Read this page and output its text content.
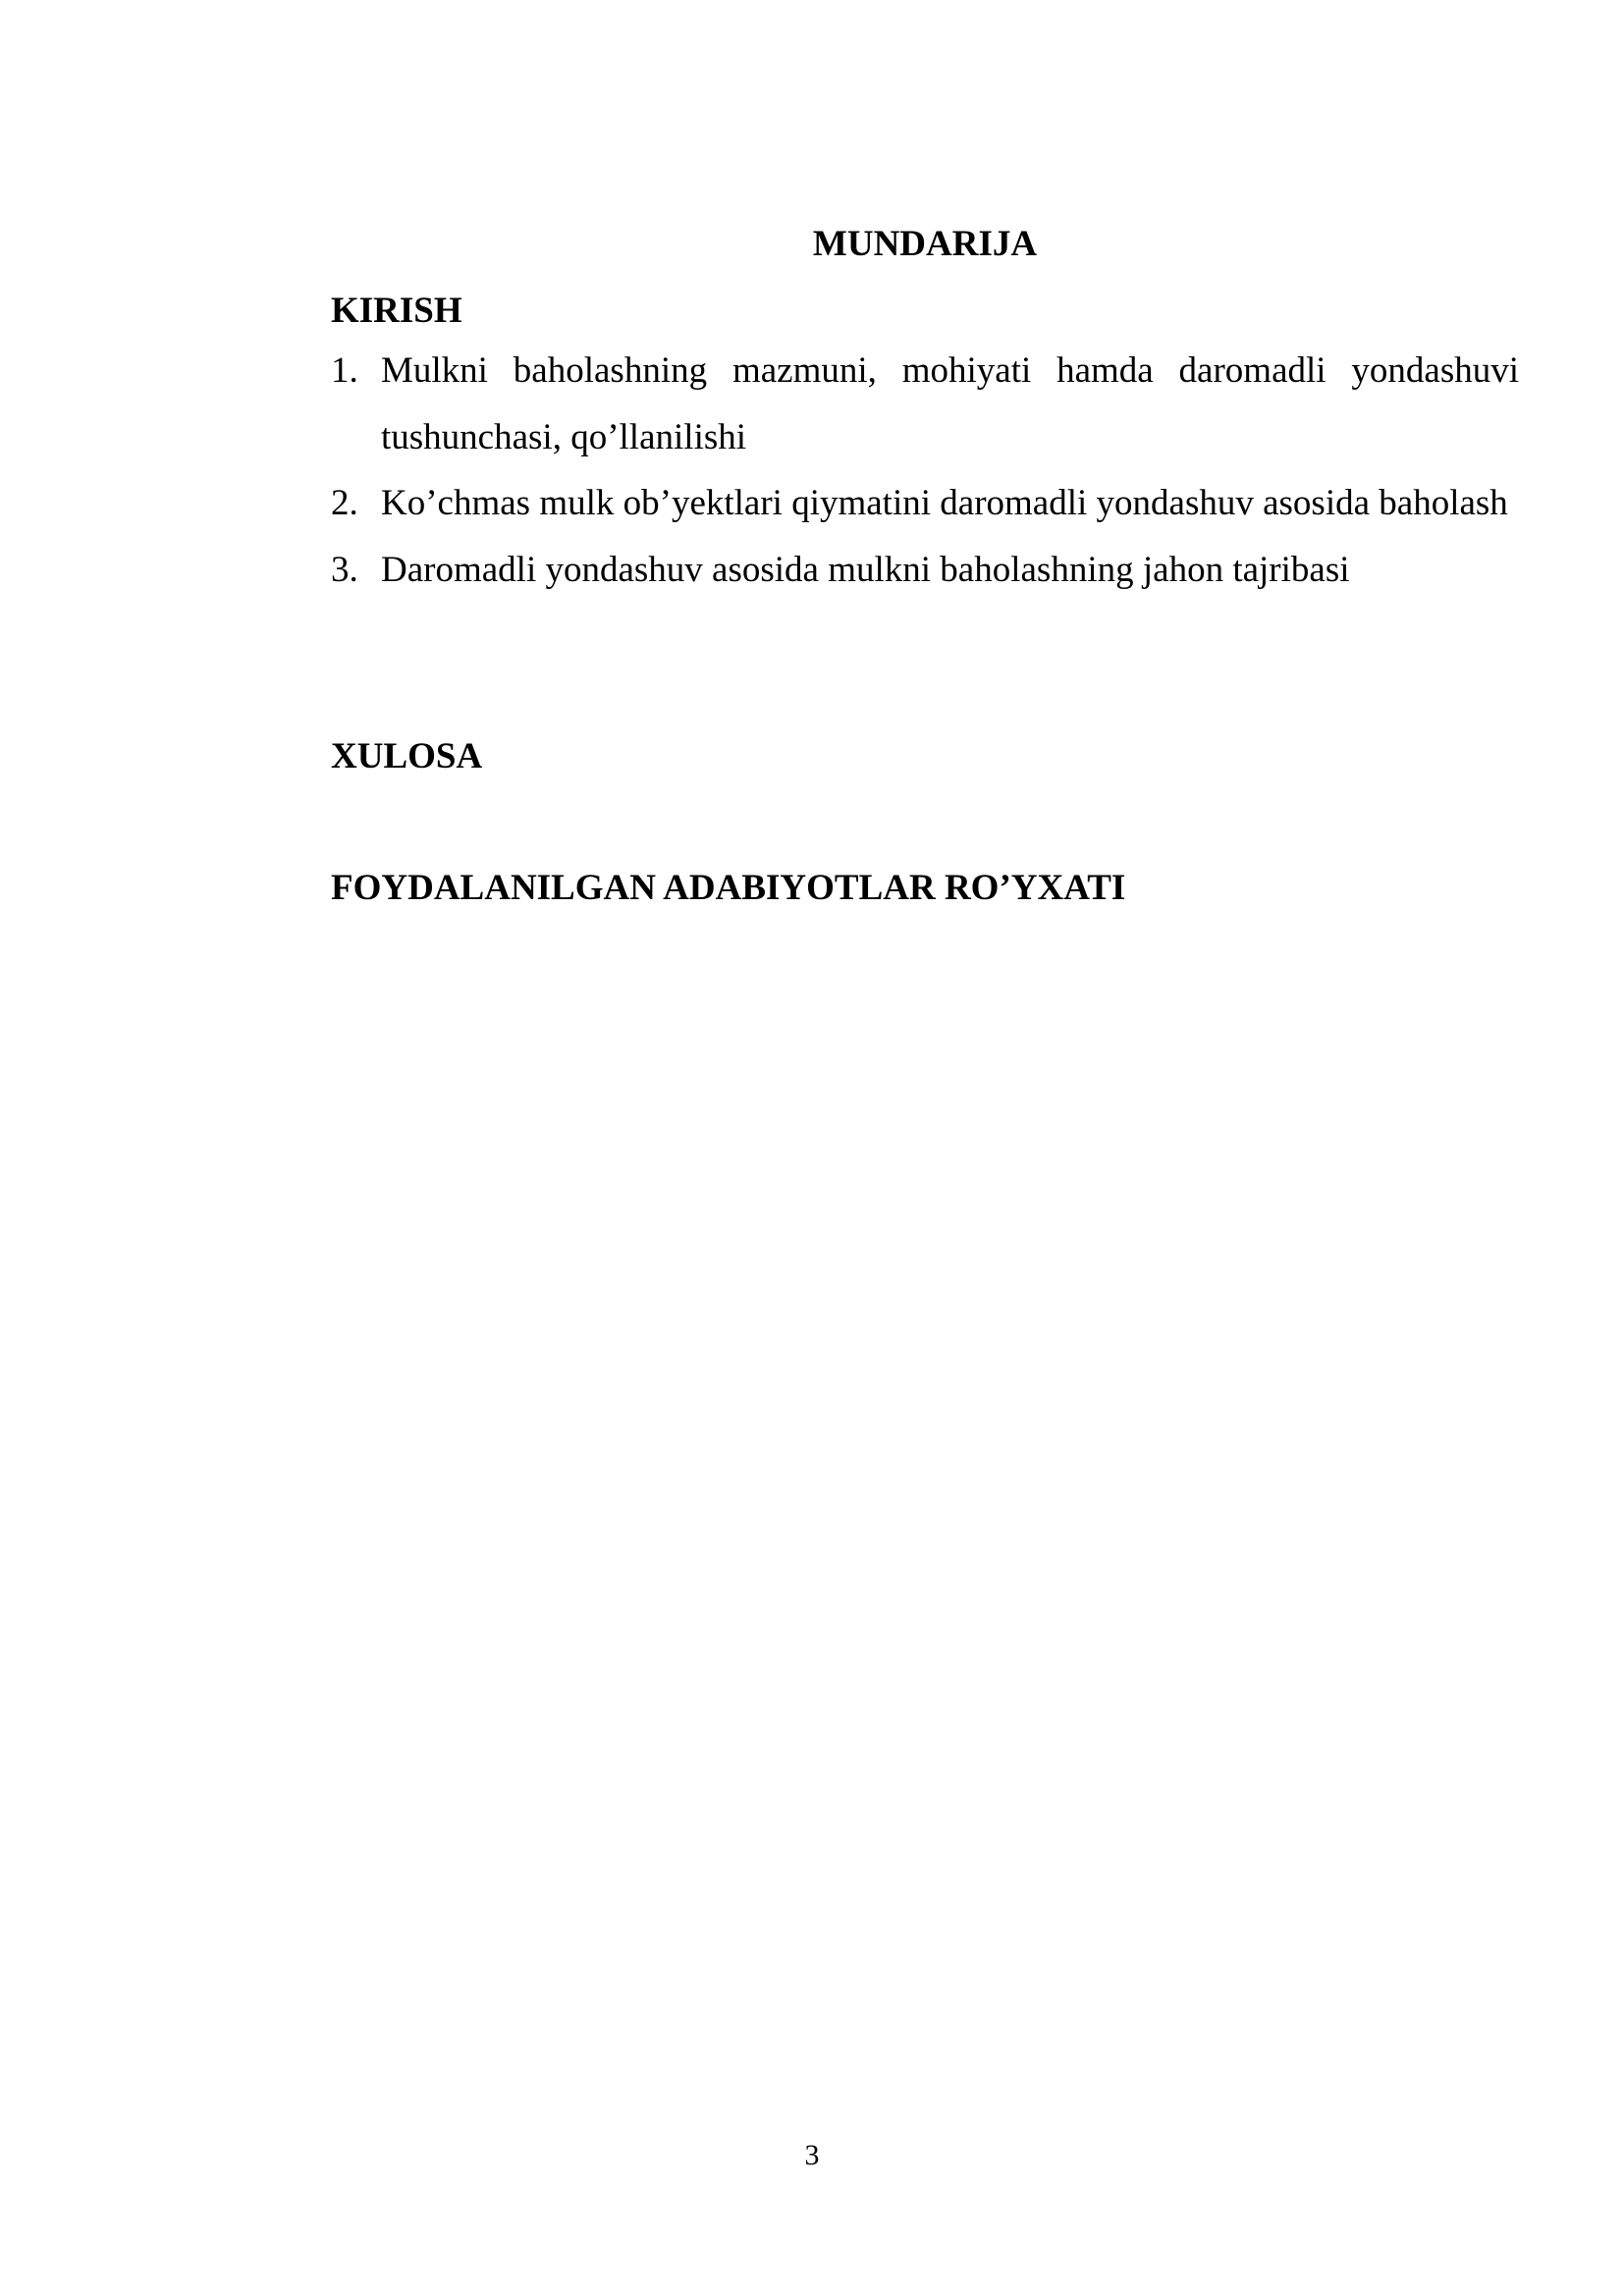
MUNDARIJA
KIRISH
1. Mulkni baholashning mazmuni, mohiyati hamda daromadli yondashuvi tushunchasi, qo’llanilishi
2. Ko’chmas mulk ob’yektlari qiymatini daromadli yondashuv asosida baholash
3. Daromadli yondashuv asosida mulkni baholashning jahon tajribasi
XULOSA
FOYDALANILGAN ADABIYOTLAR RO’YXATI
3
